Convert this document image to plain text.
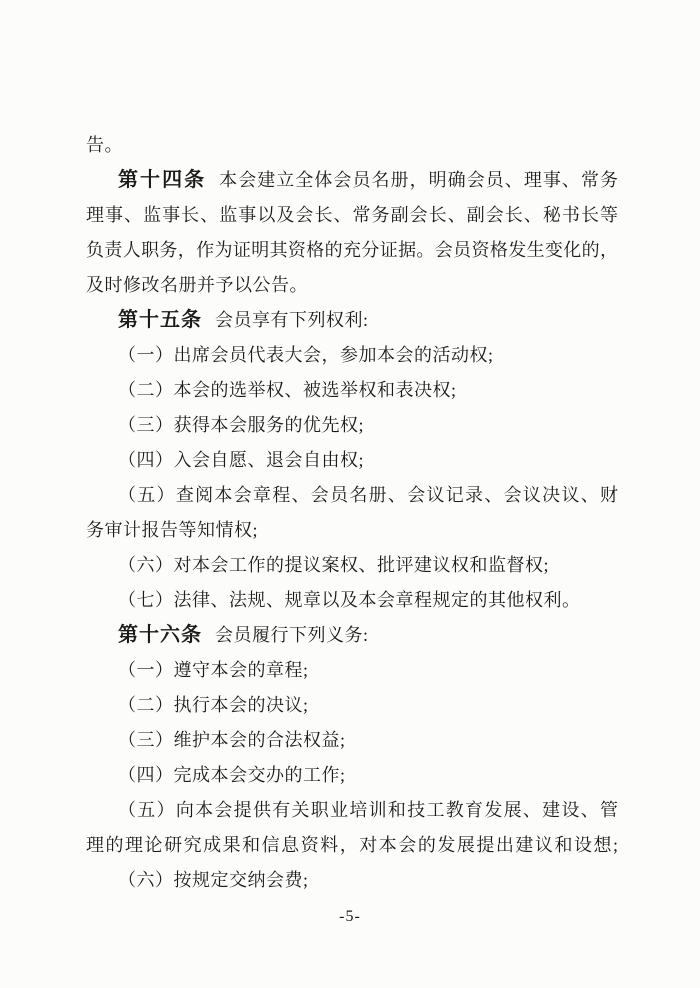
告。
第十四条 本会建立全体会员名册，明确会员、理事、常务
理事、监事长、监事以及会长、常务副会长、副会长、秘书长等
负责人职务，作为证明其资格的充分证据。会员资格发生变化的，
及时修改名册并予以公告。
第十五条 会员享有下列权利:
（一）出席会员代表大会，参加本会的活动权;
（二）本会的选举权、被选举权和表决权;
（三）获得本会服务的优先权;
（四）入会自愿、退会自由权;
（五）查阅本会章程、会员名册、会议记录、会议决议、财
务审计报告等知情权;
（六）对本会工作的提议案权、批评建议权和监督权;
（七）法律、法规、规章以及本会章程规定的其他权利。
第十六条 会员履行下列义务:
（一）遵守本会的章程;
（二）执行本会的决议;
（三）维护本会的合法权益;
（四）完成本会交办的工作;
（五）向本会提供有关职业培训和技工教育发展、建设、管
理的理论研究成果和信息资料，对本会的发展提出建议和设想;
（六）按规定交纳会费;
-5-
